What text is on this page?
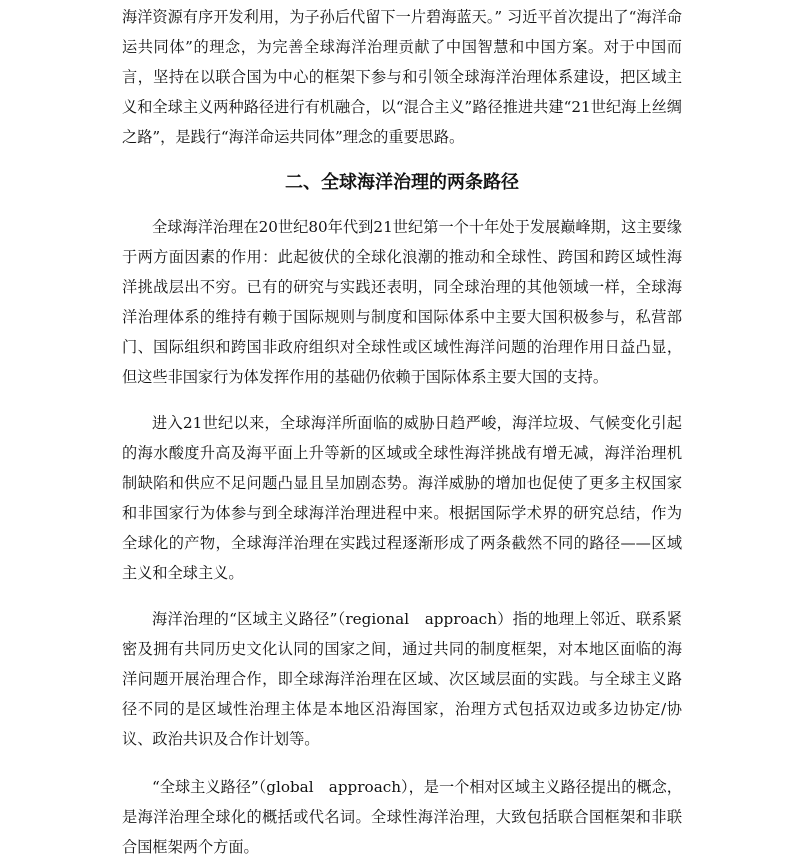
海洋资源有序开发利用，为子孙后代留下一片碧海蓝天。” 习近平首次提出了“海洋命运共同体”的理念，为完善全球海洋治理贡献了中国智慧和中国方案。对于中国而言，坚持在以联合国为中心的框架下参与和引领全球海洋治理体系建设，把区域主义和全球主义两种路径进行有机融合，以“混合主义”路径推进共建“21世纪海上丝绸之路”，是践行“海洋命运共同体”理念的重要思路。

二、全球海洋治理的两条路径

全球海洋治理在20世纪80年代到21世纪第一个十年处于发展巅峰期，这主要缘于两方面因素的作用：此起彼伏的全球化浪潮的推动和全球性、跨国和跨区域性海洋挑战层出不穷。已有的研究与实践还表明，同全球治理的其他领域一样，全球海洋治理体系的维持有赖于国际规则与制度和国际体系中主要大国积极参与，私营部门、国际组织和跨国非政府组织对全球性或区域性海洋问题的治理作用日益凸显，但这些非国家行为体发挥作用的基础仍依赖于国际体系主要大国的支持。

进入21世纪以来，全球海洋所面临的威胁日趋严峻，海洋垃圾、气候变化引起的海水酸度升高及海平面上升等新的区域或全球性海洋挑战有增无减，海洋治理机制缺陷和供应不足问题凸显且呈加剧态势。海洋威胁的增加也促使了更多主权国家和非国家行为体参与到全球海洋治理进程中来。根据国际学术界的研究总结，作为全球化的产物，全球海洋治理在实践过程逐渐形成了两条截然不同的路径——区域主义和全球主义。

海洋治理的“区域主义路径”（regional　approach）指的地理上邻近、联系紧密及拥有共同历史文化认同的国家之间，通过共同的制度框架，对本地区面临的海洋问题开展治理合作，即全球海洋治理在区域、次区域层面的实践。与全球主义路径不同的是区域性治理主体是本地区沿海国家，治理方式包括双边或多边协定/协议、政治共识及合作计划等。

“全球主义路径”（global　approach），是一个相对区域主义路径提出的概念，是海洋治理全球化的概括或代名词。全球性海洋治理，大致包括联合国框架和非联合国框架两个方面。
